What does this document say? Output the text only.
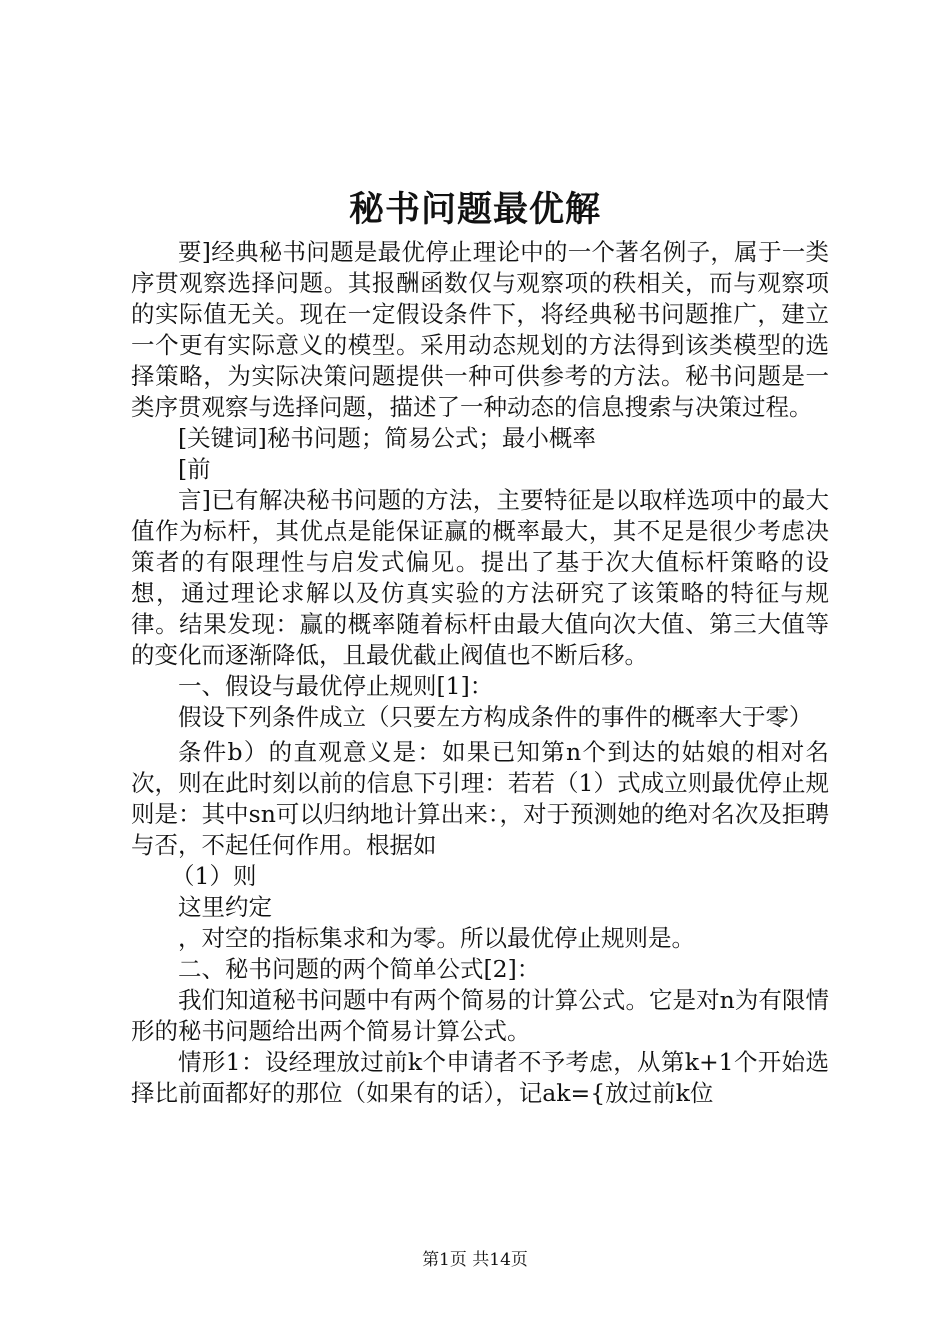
秘书问题最优解

要]经典秘书问题是最优停止理论中的一个著名例子，属于一类序贯观察选择问题。其报酬函数仅与观察项的秩相关，而与观察项的实际值无关。现在一定假设条件下，将经典秘书问题推广，建立一个更有实际意义的模型。采用动态规划的方法得到该类模型的选择策略，为实际决策问题提供一种可供参考的方法。秘书问题是一类序贯观察与选择问题，描述了一种动态的信息搜索与决策过程。

[关键词]秘书问题；简易公式；最小概率

[前

言]已有解决秘书问题的方法，主要特征是以取样选项中的最大值作为标杆，其优点是能保证赢的概率最大，其不足是很少考虑决策者的有限理性与启发式偏见。提出了基于次大值标杆策略的设想，通过理论求解以及仿真实验的方法研究了该策略的特征与规律。结果发现：赢的概率随着标杆由最大值向次大值、第三大值等的变化而逐渐降低，且最优截止阀值也不断后移。

一、假设与最优停止规则[1]：

假设下列条件成立（只要左方构成条件的事件的概率大于零）

条件b）的直观意义是：如果已知第n个到达的姑娘的相对名次，则在此时刻以前的信息下引理：若若（1）式成立则最优停止规则是：其中sn可以归纳地计算出来：，对于预测她的绝对名次及拒聘与否，不起任何作用。根据如

（1）则

这里约定

，对空的指标集求和为零。所以最优停止规则是。

二、秘书问题的两个简单公式[2]：

我们知道秘书问题中有两个简易的计算公式。它是对n为有限情形的秘书问题给出两个简易计算公式。

情形1：设经理放过前k个申请者不予考虑，从第k+1个开始选择比前面都好的那位（如果有的话），记ak={放过前k位

第1页 共14页
